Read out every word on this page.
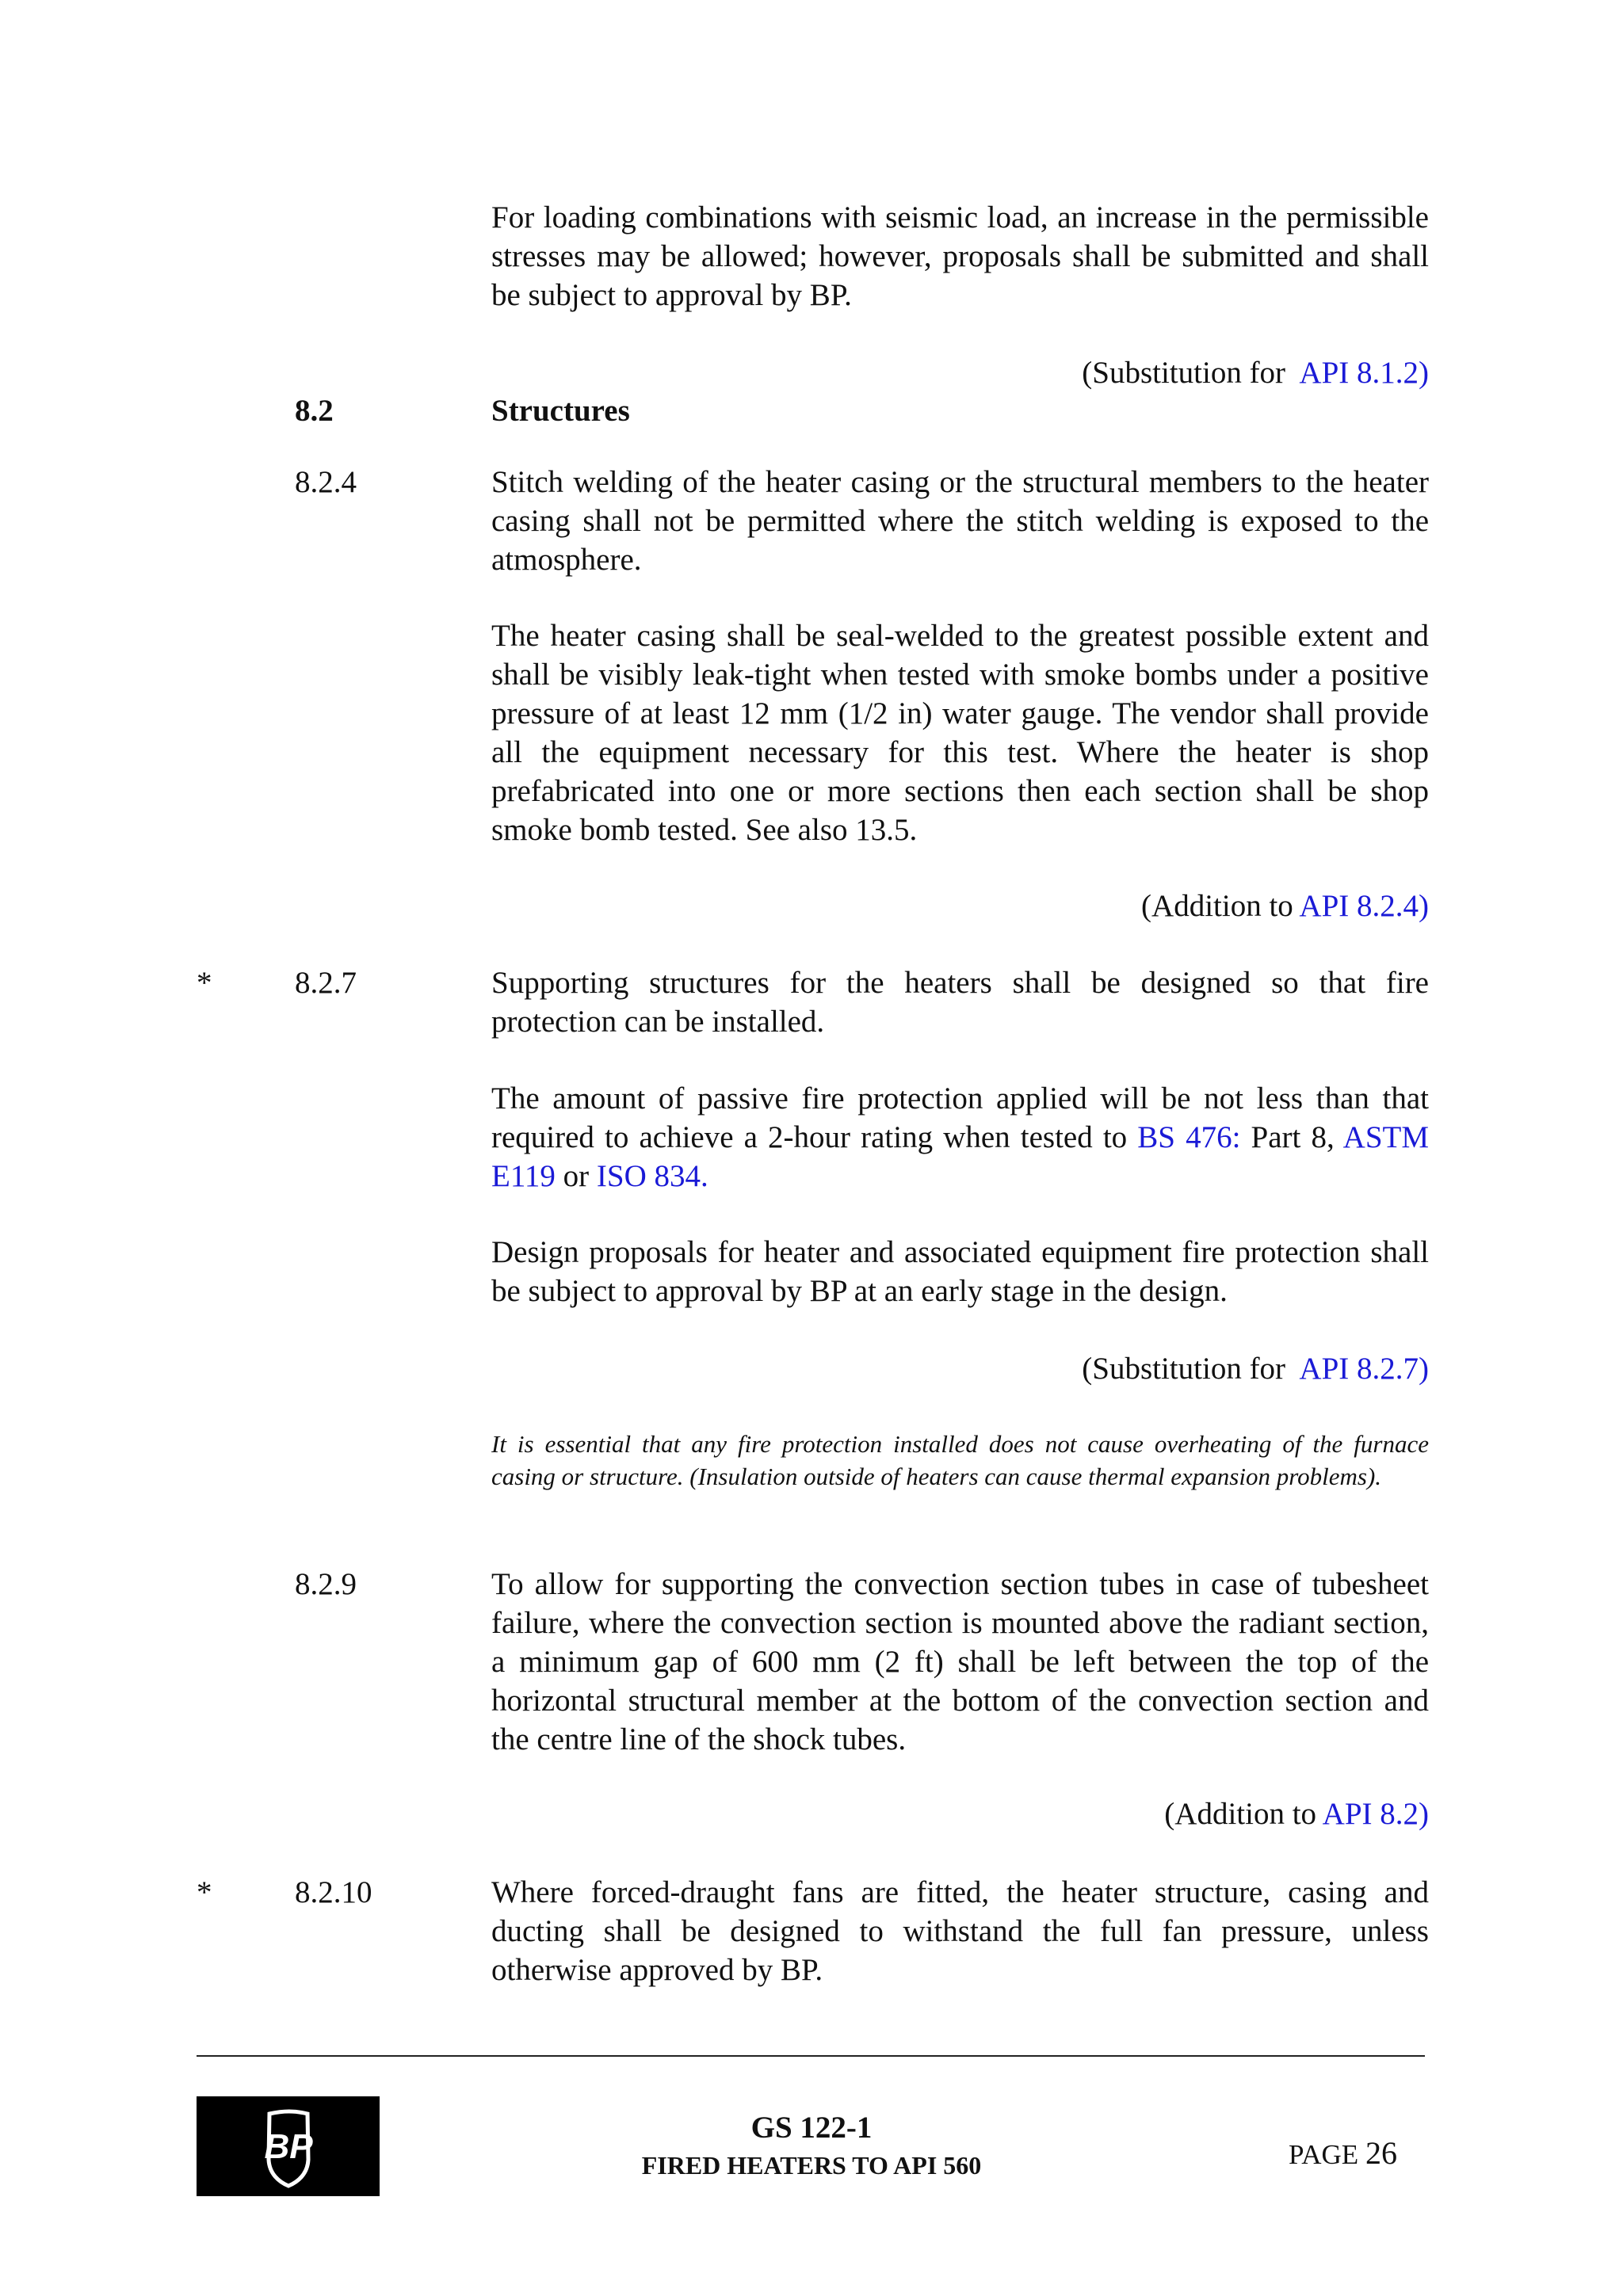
For loading combinations with seismic load, an increase in the permissible stresses may be allowed; however, proposals shall be submitted and shall be subject to approval by BP.

(Substitution for API 8.1.2)
8.2	Structures
8.2.4	Stitch welding of the heater casing or the structural members to the heater casing shall not be permitted where the stitch welding is exposed to the atmosphere.

The heater casing shall be seal-welded to the greatest possible extent and shall be visibly leak-tight when tested with smoke bombs under a positive pressure of at least 12 mm (1/2 in) water gauge. The vendor shall provide all the equipment necessary for this test. Where the heater is shop prefabricated into one or more sections then each section shall be shop smoke bomb tested. See also 13.5.

(Addition to API 8.2.4)
*	8.2.7	Supporting structures for the heaters shall be designed so that fire protection can be installed.

The amount of passive fire protection applied will be not less than that required to achieve a 2-hour rating when tested to BS 476: Part 8, ASTM E119 or ISO 834.

Design proposals for heater and associated equipment fire protection shall be subject to approval by BP at an early stage in the design.

(Substitution for API 8.2.7)

It is essential that any fire protection installed does not cause overheating of the furnace casing or structure. (Insulation outside of heaters can cause thermal expansion problems).

8.2.9	To allow for supporting the convection section tubes in case of tubesheet failure, where the convection section is mounted above the radiant section, a minimum gap of 600 mm (2 ft) shall be left between the top of the horizontal structural member at the bottom of the convection section and the centre line of the shock tubes.

(Addition to API 8.2)
*	8.2.10	Where forced-draught fans are fitted, the heater structure, casing and ducting shall be designed to withstand the full fan pressure, unless otherwise approved by BP.

BP	GS 122-1
FIRED HEATERS TO API 560	PAGE 26
